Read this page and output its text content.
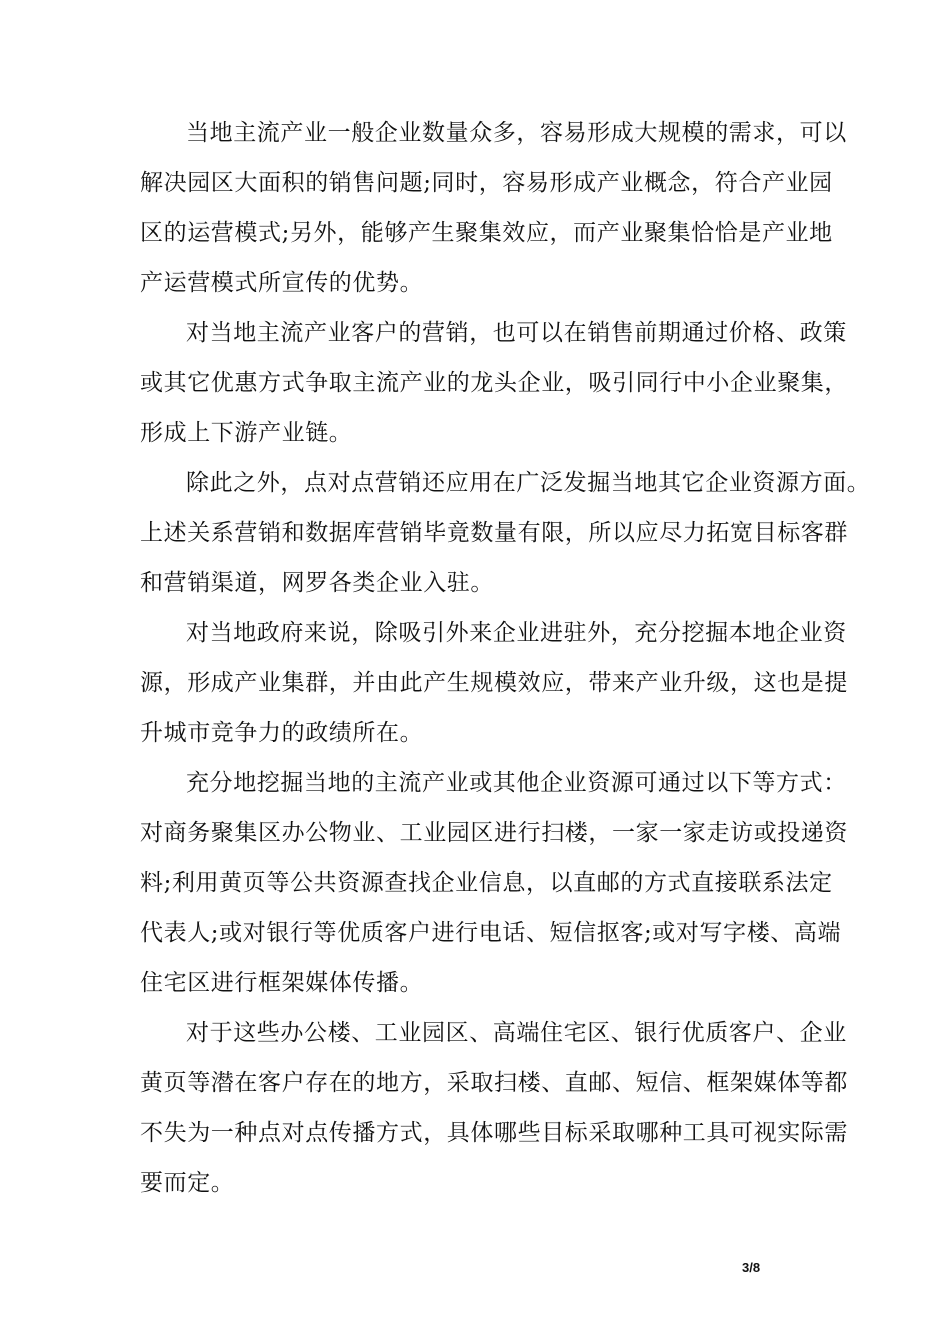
当地主流产业一般企业数量众多，容易形成大规模的需求，可以
解决园区大面积的销售问题;同时，容易形成产业概念，符合产业园
区的运营模式;另外，能够产生聚集效应，而产业聚集恰恰是产业地
产运营模式所宣传的优势。
对当地主流产业客户的营销，也可以在销售前期通过价格、政策
或其它优惠方式争取主流产业的龙头企业，吸引同行中小企业聚集，
形成上下游产业链。
除此之外，点对点营销还应用在广泛发掘当地其它企业资源方面。
上述关系营销和数据库营销毕竟数量有限，所以应尽力拓宽目标客群
和营销渠道，网罗各类企业入驻。
对当地政府来说，除吸引外来企业进驻外，充分挖掘本地企业资
源，形成产业集群，并由此产生规模效应，带来产业升级，这也是提
升城市竞争力的政绩所在。
充分地挖掘当地的主流产业或其他企业资源可通过以下等方式：
对商务聚集区办公物业、工业园区进行扫楼，一家一家走访或投递资
料;利用黄页等公共资源查找企业信息，以直邮的方式直接联系法定
代表人;或对银行等优质客户进行电话、短信抠客;或对写字楼、高端
住宅区进行框架媒体传播。
对于这些办公楼、工业园区、高端住宅区、银行优质客户、企业
黄页等潜在客户存在的地方，采取扫楼、直邮、短信、框架媒体等都
不失为一种点对点传播方式，具体哪些目标采取哪种工具可视实际需
要而定。
3/8
